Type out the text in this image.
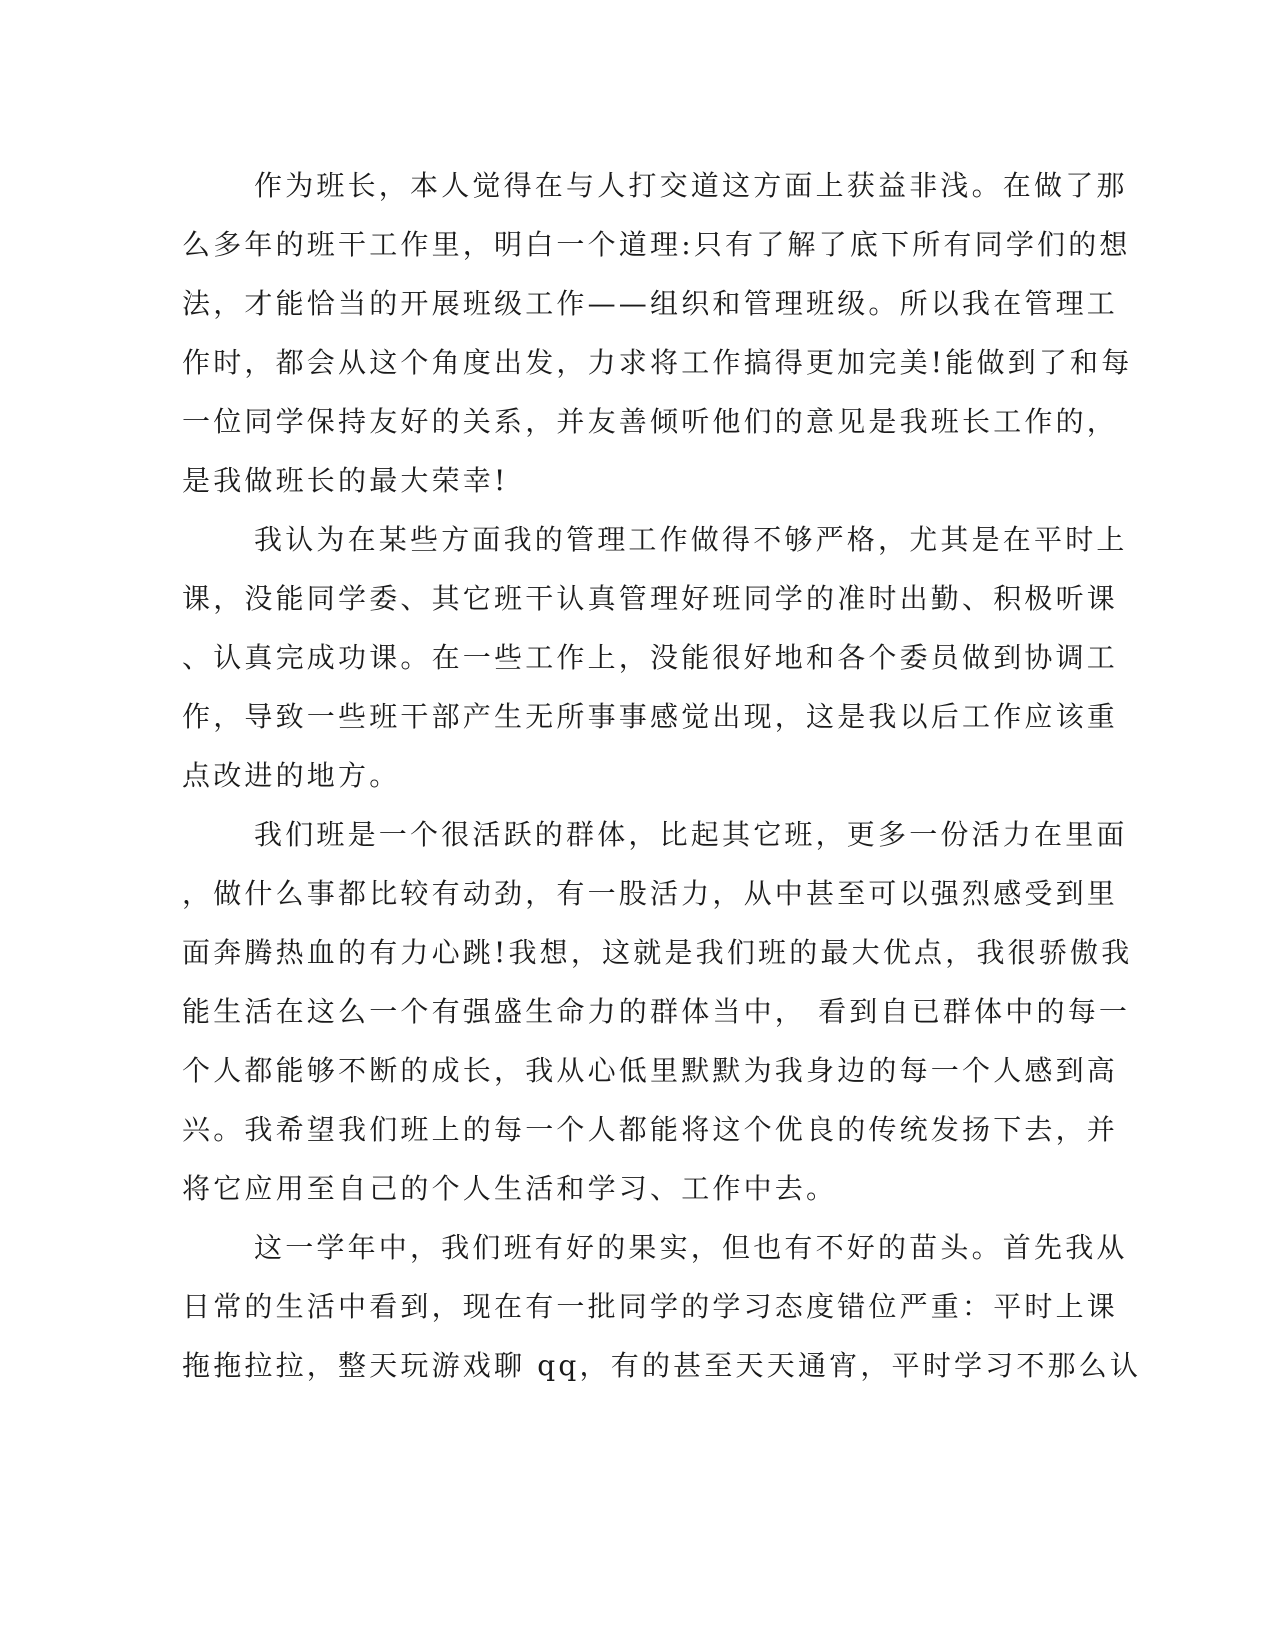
作为班长，本人觉得在与人打交道这方面上获益非浅。在做了那
么多年的班干工作里，明白一个道理:只有了解了底下所有同学们的想
法，才能恰当的开展班级工作——组织和管理班级。所以我在管理工
作时，都会从这个角度出发，力求将工作搞得更加完美!能做到了和每
一位同学保持友好的关系，并友善倾听他们的意见是我班长工作的，
是我做班长的最大荣幸!
我认为在某些方面我的管理工作做得不够严格，尤其是在平时上
课，没能同学委、其它班干认真管理好班同学的准时出勤、积极听课
、认真完成功课。在一些工作上，没能很好地和各个委员做到协调工
作，导致一些班干部产生无所事事感觉出现，这是我以后工作应该重
点改进的地方。
我们班是一个很活跃的群体，比起其它班，更多一份活力在里面
，做什么事都比较有动劲，有一股活力，从中甚至可以强烈感受到里
面奔腾热血的有力心跳!我想，这就是我们班的最大优点，我很骄傲我
能生活在这么一个有强盛生命力的群体当中， 看到自已群体中的每一
个人都能够不断的成长，我从心低里默默为我身边的每一个人感到高
兴。我希望我们班上的每一个人都能将这个优良的传统发扬下去，并
将它应用至自己的个人生活和学习、工作中去。
这一学年中，我们班有好的果实，但也有不好的苗头。首先我从
日常的生活中看到，现在有一批同学的学习态度错位严重：平时上课
拖拖拉拉，整天玩游戏聊 qq，有的甚至天天通宵，平时学习不那么认
